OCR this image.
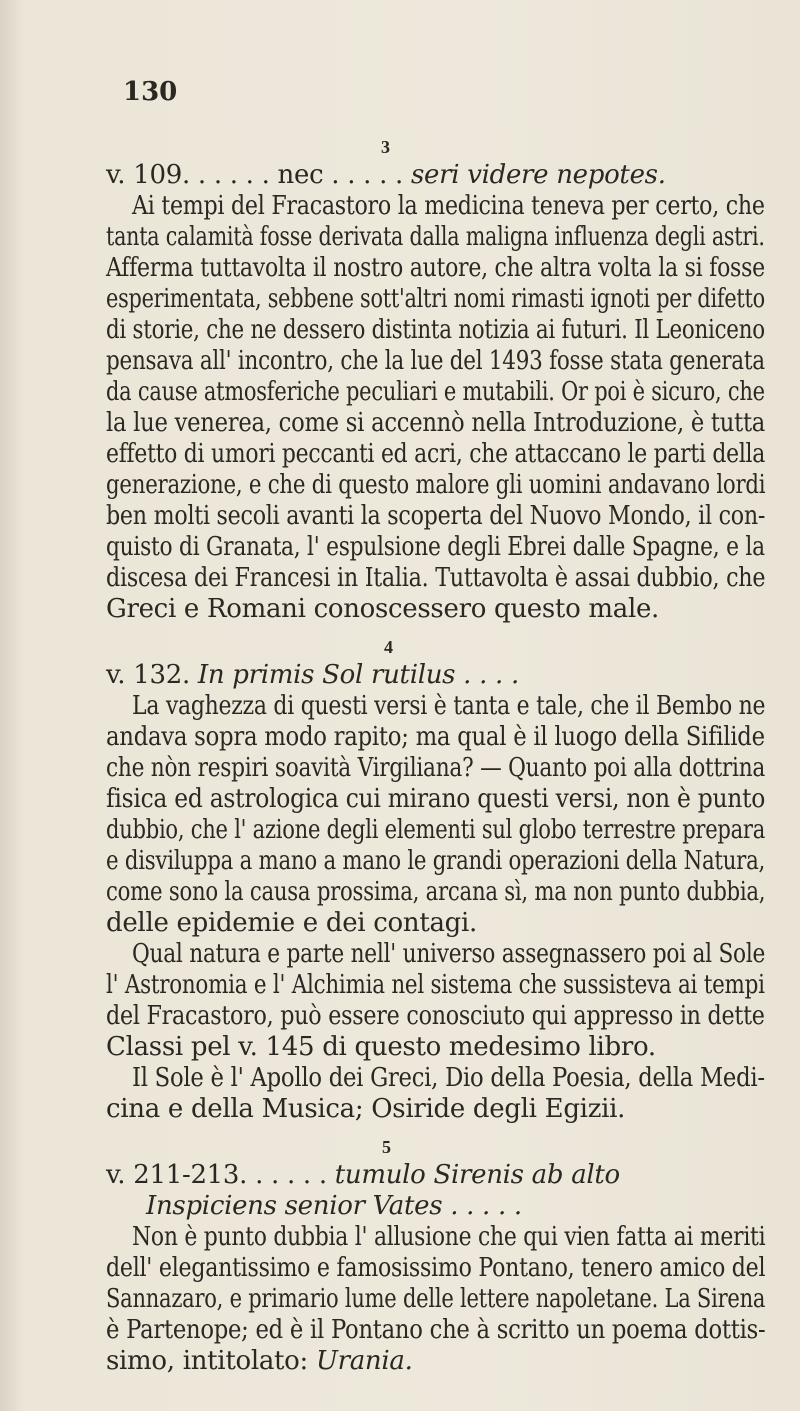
130
3
v. 109. . . . . . nec . . . . . seri videre nepotes.
Ai tempi del Fracastoro la medicina teneva per certo, che
tanta calamità fosse derivata dalla maligna influenza degli astri.
Afferma tuttavolta il nostro autore, che altra volta la si fosse
esperimentata, sebbene sott'altri nomi rimasti ignoti per difetto
di storie, che ne dessero distinta notizia ai futuri. Il Leoniceno
pensava all' incontro, che la lue del 1493 fosse stata generata
da cause atmosferiche peculiari e mutabili. Or poi è sicuro, che
la lue venerea, come si accennò nella Introduzione, è tutta
effetto di umori peccanti ed acri, che attaccano le parti della
generazione, e che di questo malore gli uomini andavano lordi
ben molti secoli avanti la scoperta del Nuovo Mondo, il con-
quisto di Granata, l' espulsione degli Ebrei dalle Spagne, e la
discesa dei Francesi in Italia. Tuttavolta è assai dubbio, che
Greci e Romani conoscessero questo male.
4
v. 132. In primis Sol rutilus . . . .
La vaghezza di questi versi è tanta e tale, che il Bembo ne
andava sopra modo rapito; ma qual è il luogo della Sifilide
che nòn respiri soavità Virgiliana? — Quanto poi alla dottrina
fisica ed astrologica cui mirano questi versi, non è punto
dubbio, che l' azione degli elementi sul globo terrestre prepara
e disviluppa a mano a mano le grandi operazioni della Natura,
come sono la causa prossima, arcana sì, ma non punto dubbia,
delle epidemie e dei contagi.
Qual natura e parte nell' universo assegnassero poi al Sole
l' Astronomia e l' Alchimia nel sistema che sussisteva ai tempi
del Fracastoro, può essere conosciuto qui appresso in dette
Classi pel v. 145 di questo medesimo libro.
Il Sole è l' Apollo dei Greci, Dio della Poesia, della Medi-
cina e della Musica; Osiride degli Egizii.
5
v. 211-213. . . . . . tumulo Sirenis ab alto
Inspiciens senior Vates . . . . .
Non è punto dubbia l' allusione che qui vien fatta ai meriti
dell' elegantissimo e famosissimo Pontano, tenero amico del
Sannazaro, e primario lume delle lettere napoletane. La Sirena
è Partenope; ed è il Pontano che à scritto un poema dottis-
simo, intitolato: Urania.
